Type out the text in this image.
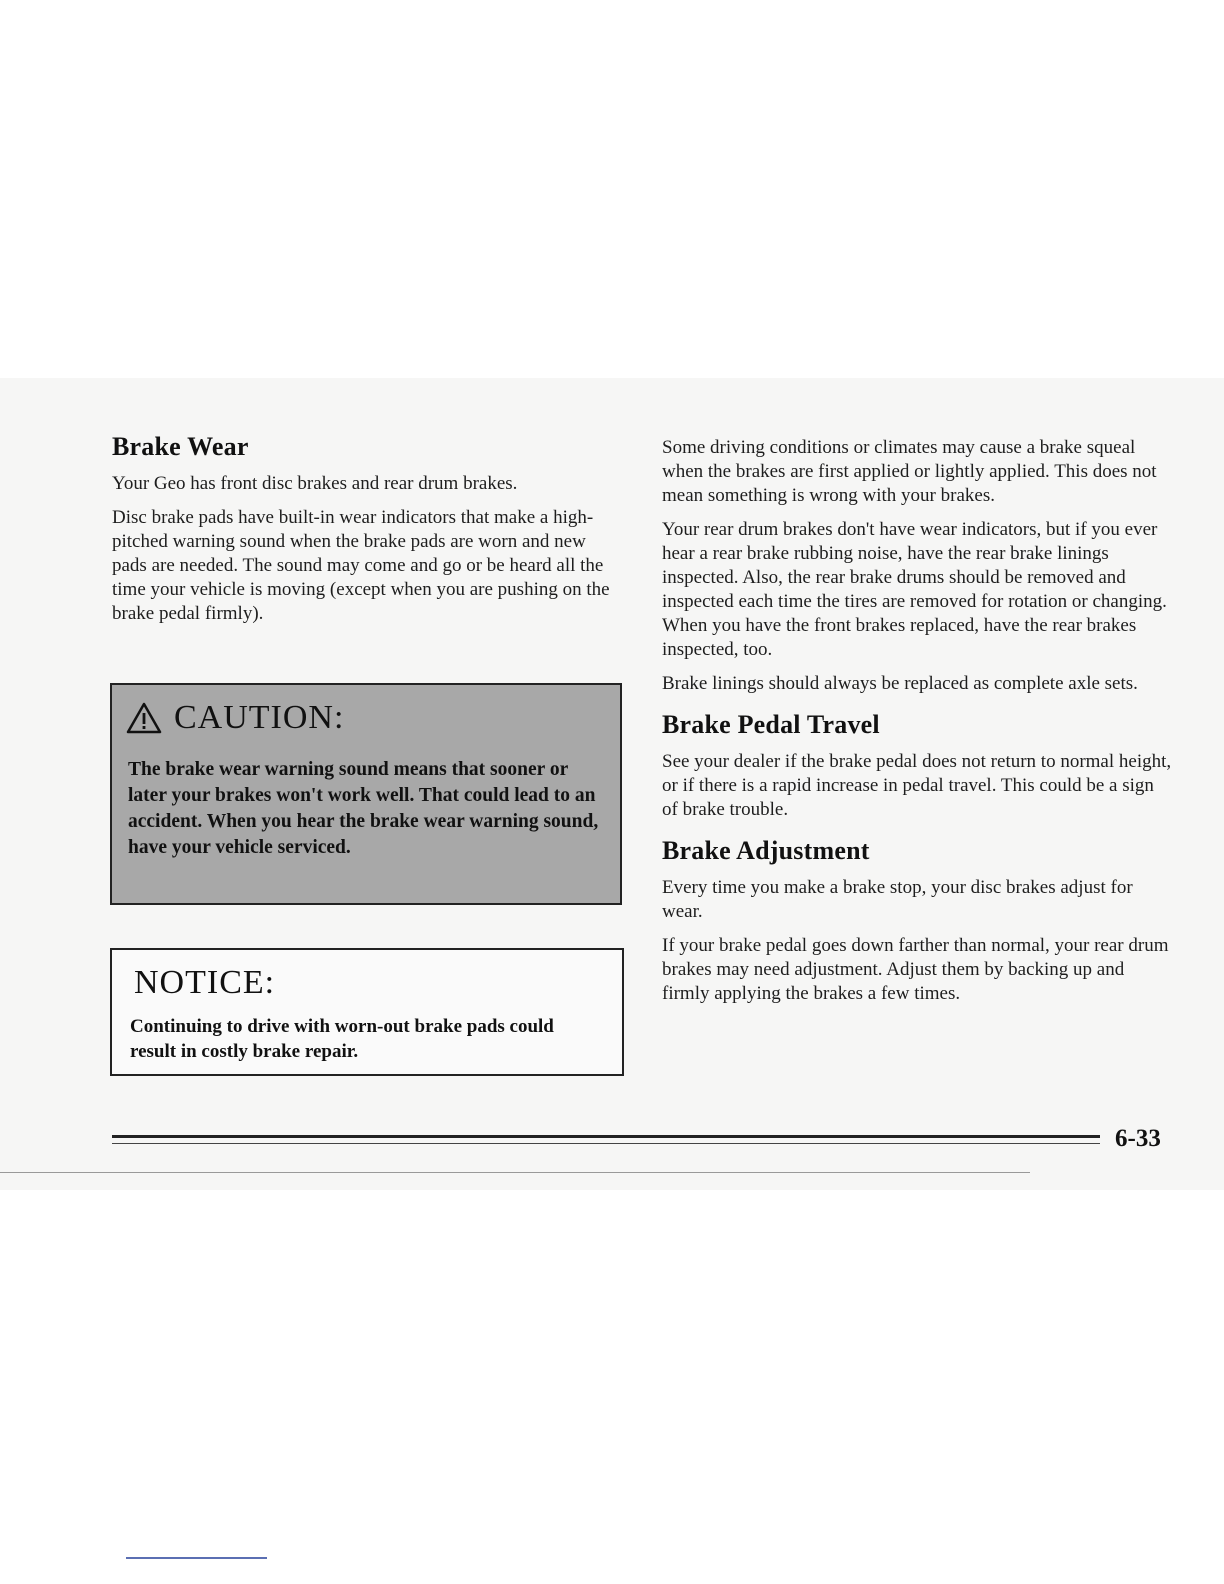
Brake Wear

Your Geo has front disc brakes and rear drum brakes.

Disc brake pads have built-in wear indicators that make a high-pitched warning sound when the brake pads are worn and new pads are needed. The sound may come and go or be heard all the time your vehicle is moving (except when you are pushing on the brake pedal firmly).

CAUTION:
The brake wear warning sound means that sooner or later your brakes won't work well. That could lead to an accident. When you hear the brake wear warning sound, have your vehicle serviced.
NOTICE:
Continuing to drive with worn-out brake pads could result in costly brake repair.

Some driving conditions or climates may cause a brake squeal when the brakes are first applied or lightly applied. This does not mean something is wrong with your brakes.

Your rear drum brakes don't have wear indicators, but if you ever hear a rear brake rubbing noise, have the rear brake linings inspected. Also, the rear brake drums should be removed and inspected each time the tires are removed for rotation or changing. When you have the front brakes replaced, have the rear brakes inspected, too.

Brake linings should always be replaced as complete axle sets.

Brake Pedal Travel

See your dealer if the brake pedal does not return to normal height, or if there is a rapid increase in pedal travel. This could be a sign of brake trouble.

Brake Adjustment

Every time you make a brake stop, your disc brakes adjust for wear.

If your brake pedal goes down farther than normal, your rear drum brakes may need adjustment. Adjust them by backing up and firmly applying the brakes a few times.

6-33
